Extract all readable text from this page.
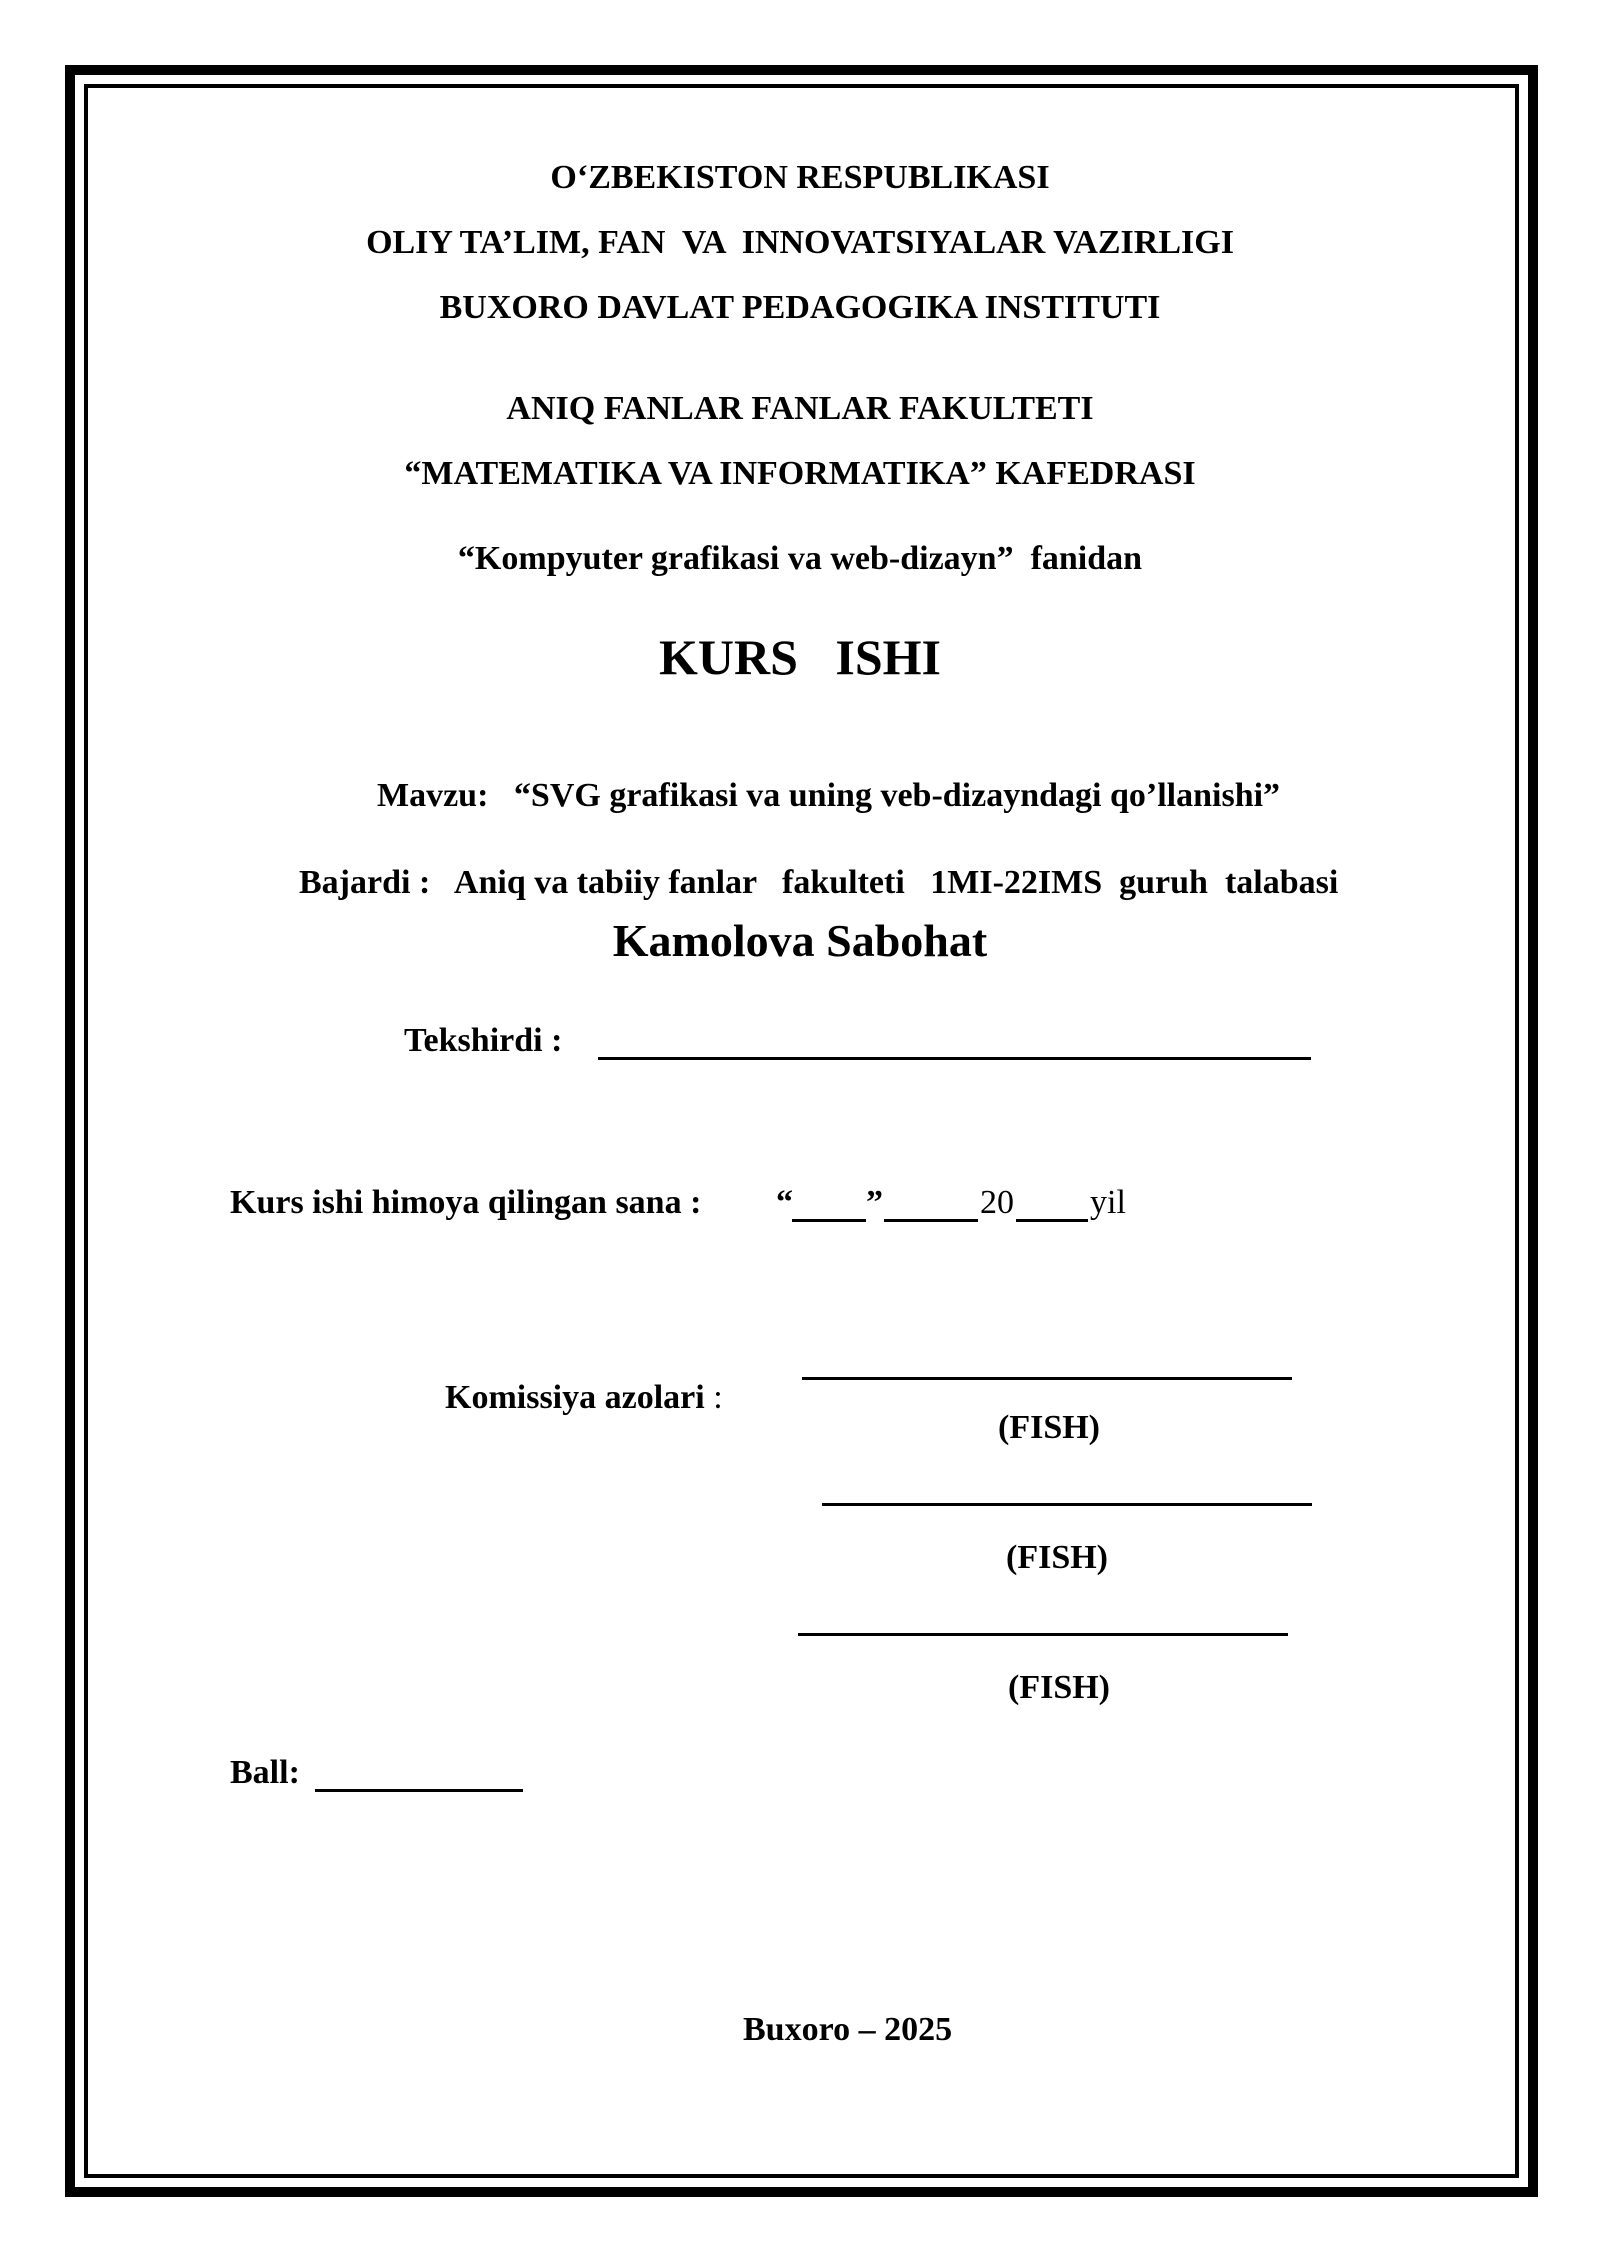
O‘ZBEKISTON RESPUBLIKASI
OLIY TA’LIM, FAN  VA  INNOVATSIYALAR VAZIRLIGI
BUXORO DAVLAT PEDAGOGIKA INSTITUTI
ANIQ FANLAR FANLAR FAKULTETI
“MATEMATIKA VA INFORMATIKA” KAFEDRASI
“Kompyuter grafikasi va web-dizayn”  fanidan
KURS   ISHI

Mavzu: “SVG grafikasi va uning veb-dizayndagi qo’llanishi”

Bajardi : Aniq va tabiiy fanlar   fakulteti   1MI-22IMS  guruh  talabasi

Kamolova Sabohat
Tekshirdi :
Kurs ishi himoya qilingan sana : “ ”	20 yil

Komissiya azolari :

(FISH)
(FISH)
(FISH)
Ball:
Buxoro – 2025
